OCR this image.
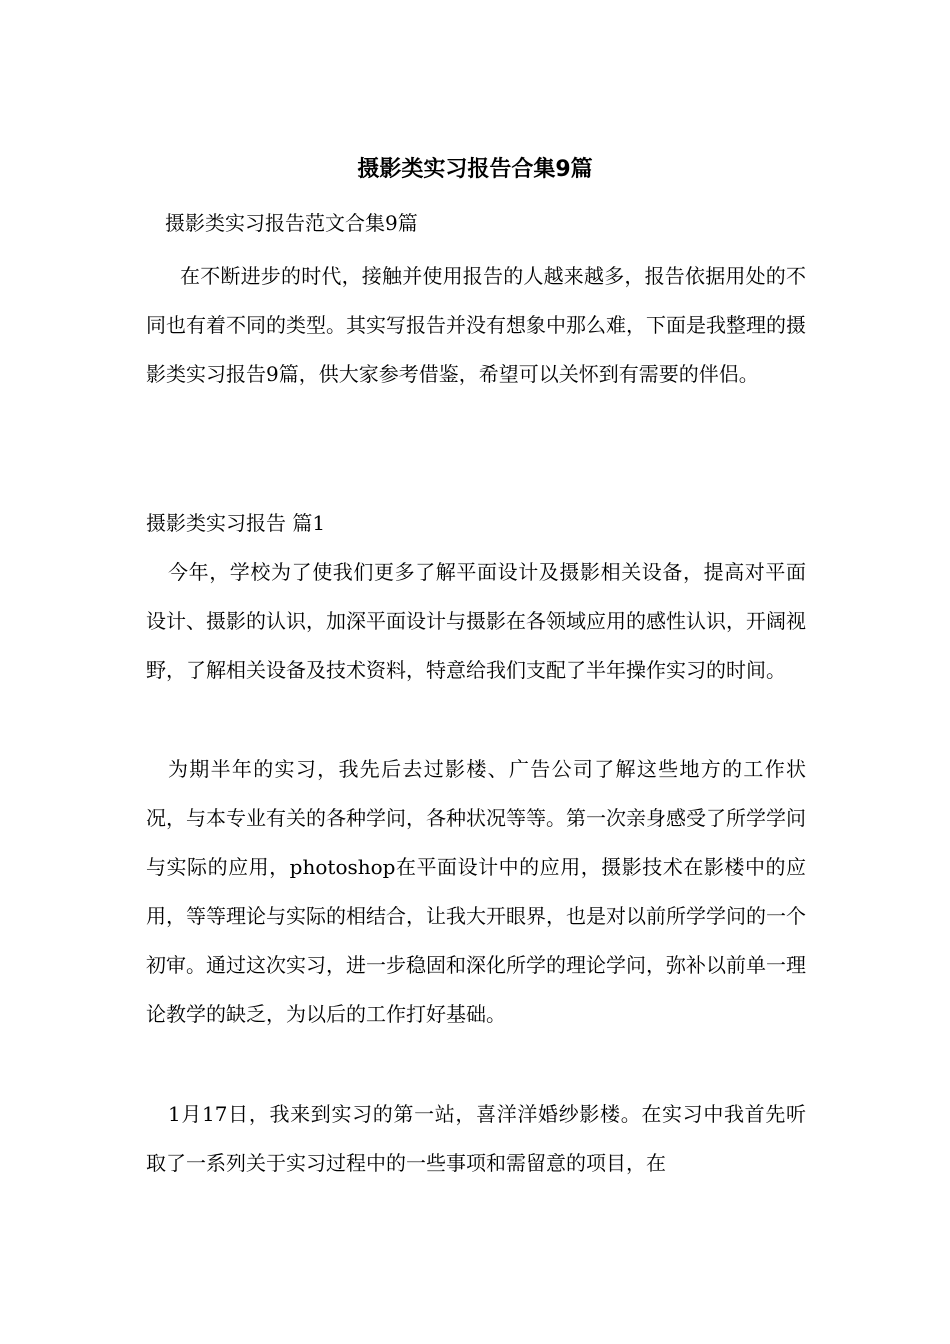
摄影类实习报告合集9篇

摄影类实习报告范文合集9篇

在不断进步的时代，接触并使用报告的人越来越多，报告依据用处的不同也有着不同的类型。其实写报告并没有想象中那么难，下面是我整理的摄影类实习报告9篇，供大家参考借鉴，希望可以关怀到有需要的伴侣。

摄影类实习报告 篇1

今年，学校为了使我们更多了解平面设计及摄影相关设备，提高对平面设计、摄影的认识，加深平面设计与摄影在各领域应用的感性认识，开阔视野，了解相关设备及技术资料，特意给我们支配了半年操作实习的时间。

为期半年的实习，我先后去过影楼、广告公司了解这些地方的工作状况，与本专业有关的各种学问，各种状况等等。第一次亲身感受了所学学问与实际的应用，photoshop在平面设计中的应用，摄影技术在影楼中的应用，等等理论与实际的相结合，让我大开眼界，也是对以前所学学问的一个初审。通过这次实习，进一步稳固和深化所学的理论学问，弥补以前单一理论教学的缺乏，为以后的工作打好基础。

1月17日，我来到实习的第一站，喜洋洋婚纱影楼。在实习中我首先听取了一系列关于实习过程中的一些事项和需留意的项目，在
